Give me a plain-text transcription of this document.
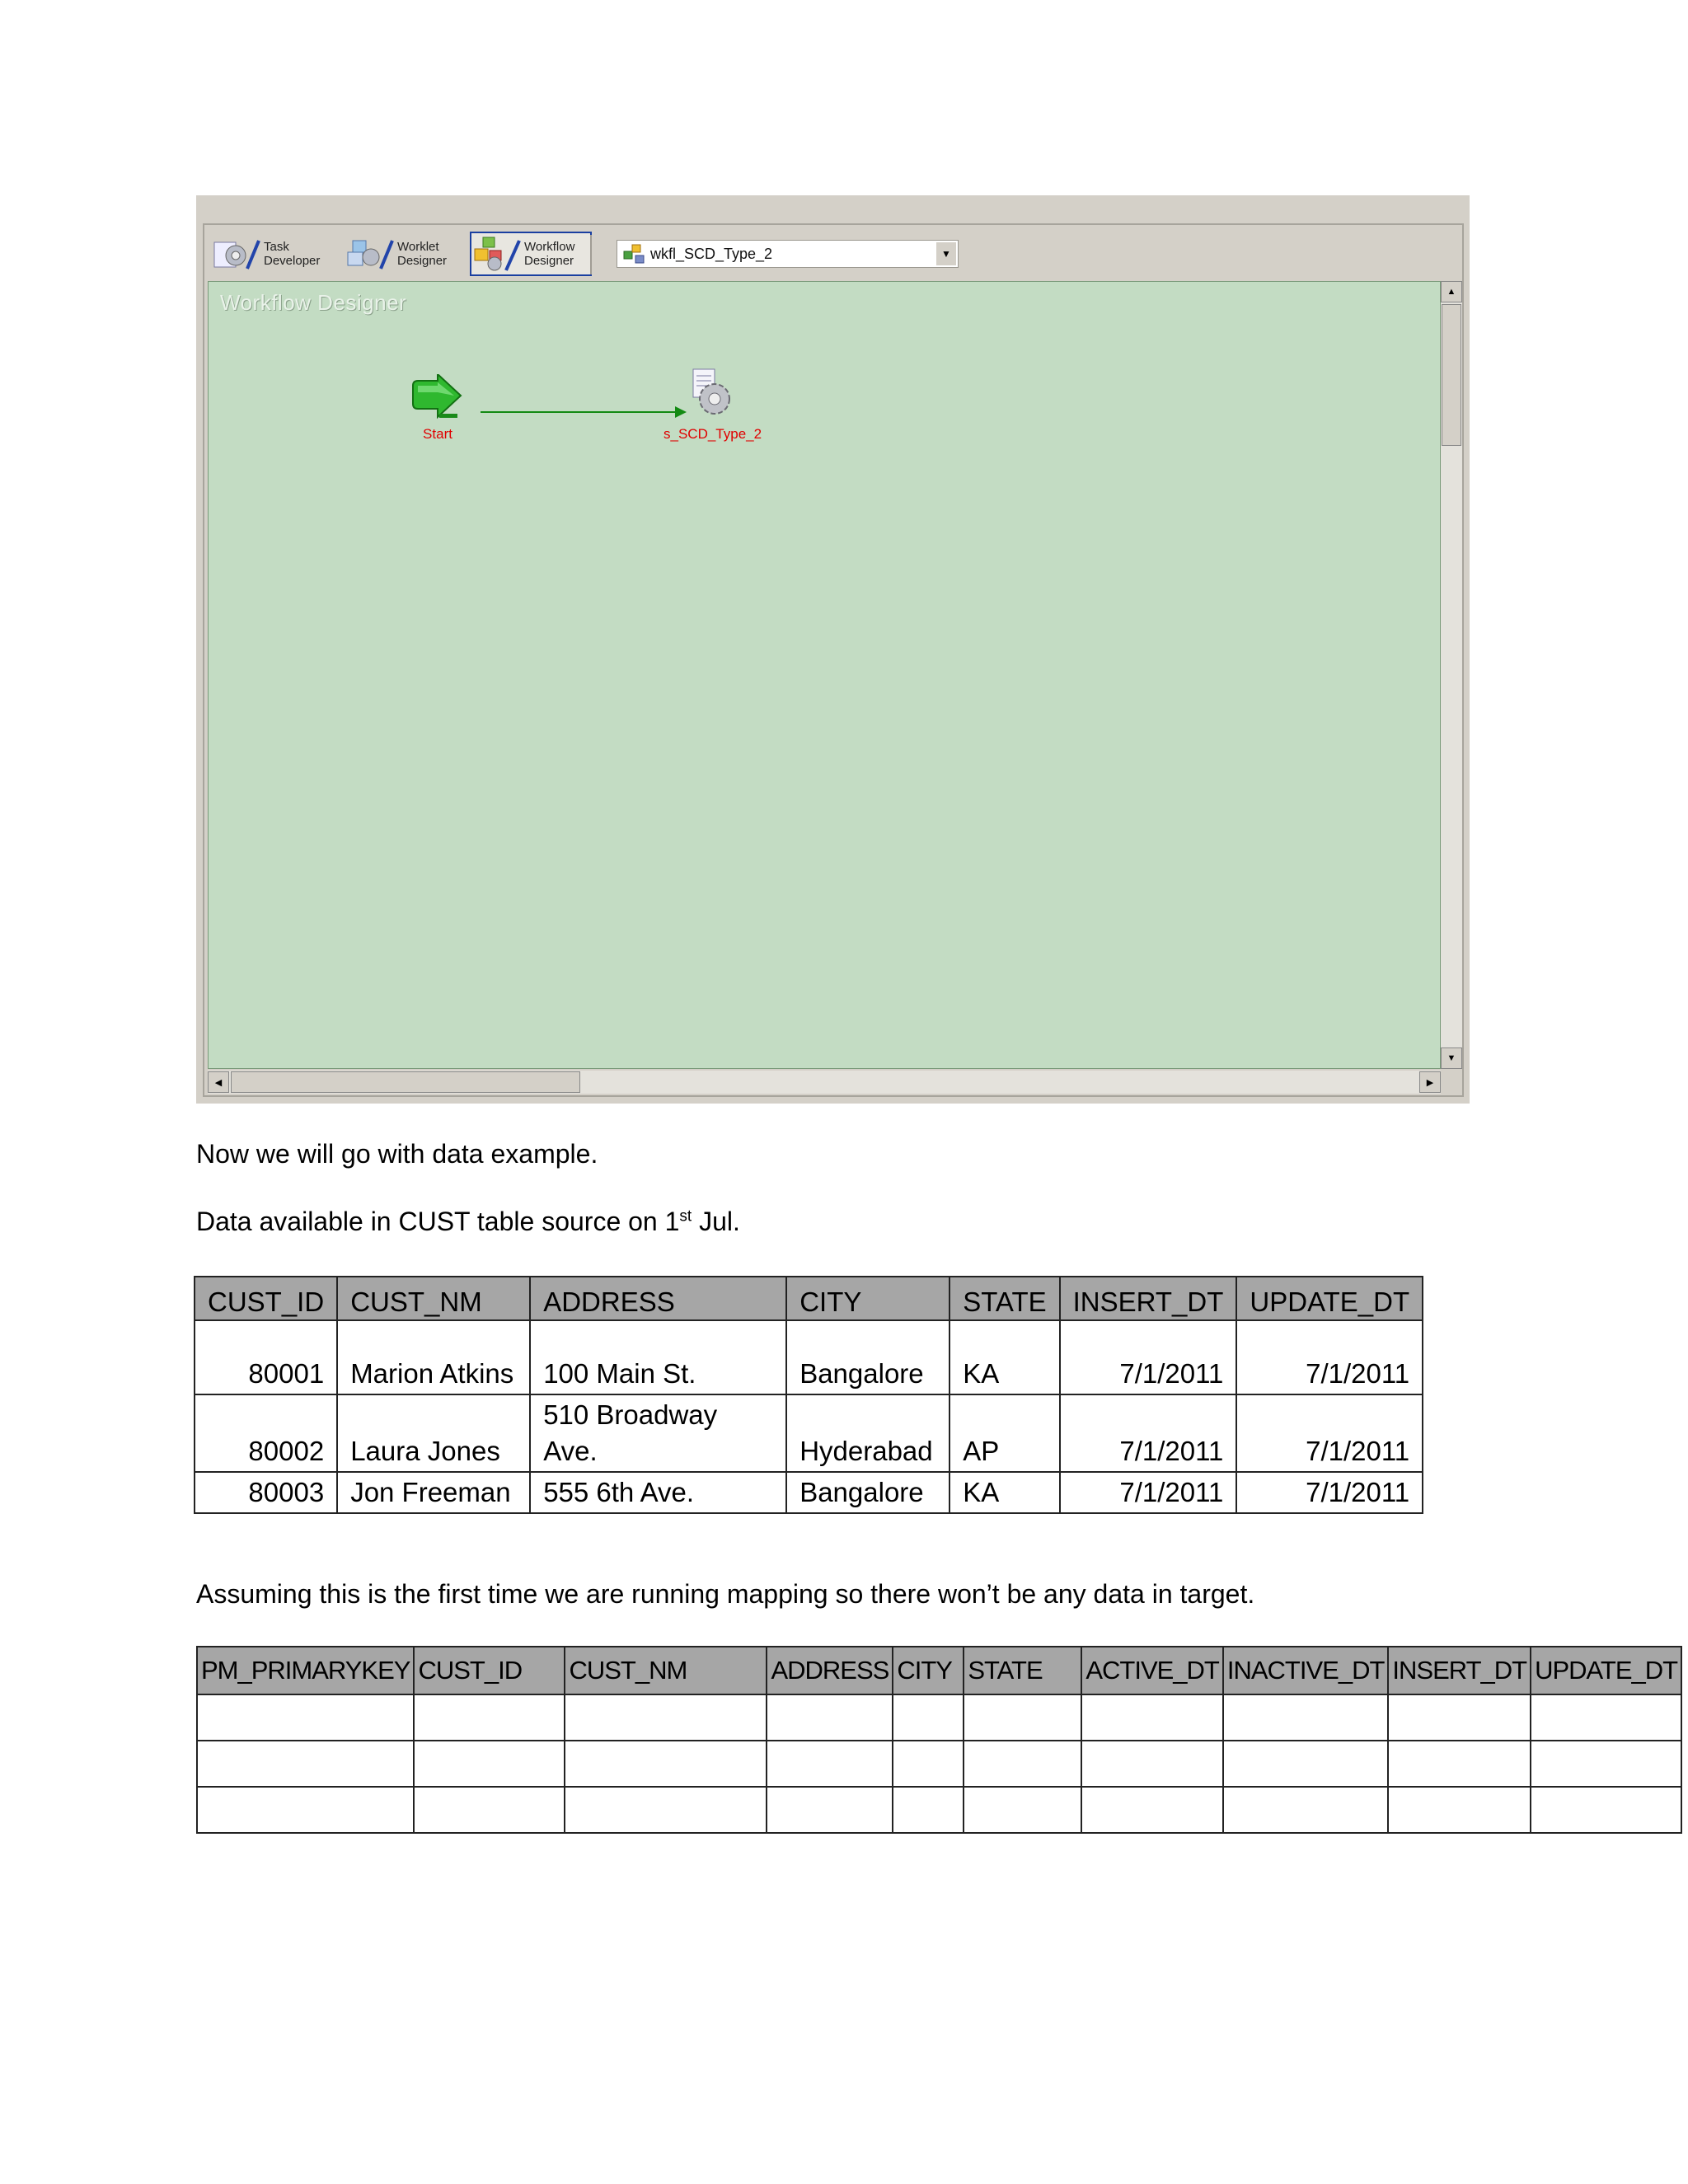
Task
Developer
Worklet
Designer
Workflow
Designer	wkfl_SCD_Type_2	▼
Workflow Designer
Start	s_SCD_Type_2
▲
▼
◀	▶
Now we will go with data example.
Data available in CUST table source on 1st Jul.
CUST_ID	CUST_NM	ADDRESS	CITY	STATE	INSERT_DT	UPDATE_DT
80001	Marion Atkins	100 Main St.	Bangalore	KA	7/1/2011	7/1/2011
80002	Laura Jones	510 Broadway Ave.	Hyderabad	AP	7/1/2011	7/1/2011
80003	Jon Freeman	555 6th Ave.	Bangalore	KA	7/1/2011	7/1/2011
Assuming this is the first time we are running mapping so there won’t be any data in target.
PM_PRIMARYKEY	CUST_ID	CUST_NM	ADDRESS	CITY	STATE	ACTIVE_DT	INACTIVE_DT	INSERT_DT	UPDATE_DT
